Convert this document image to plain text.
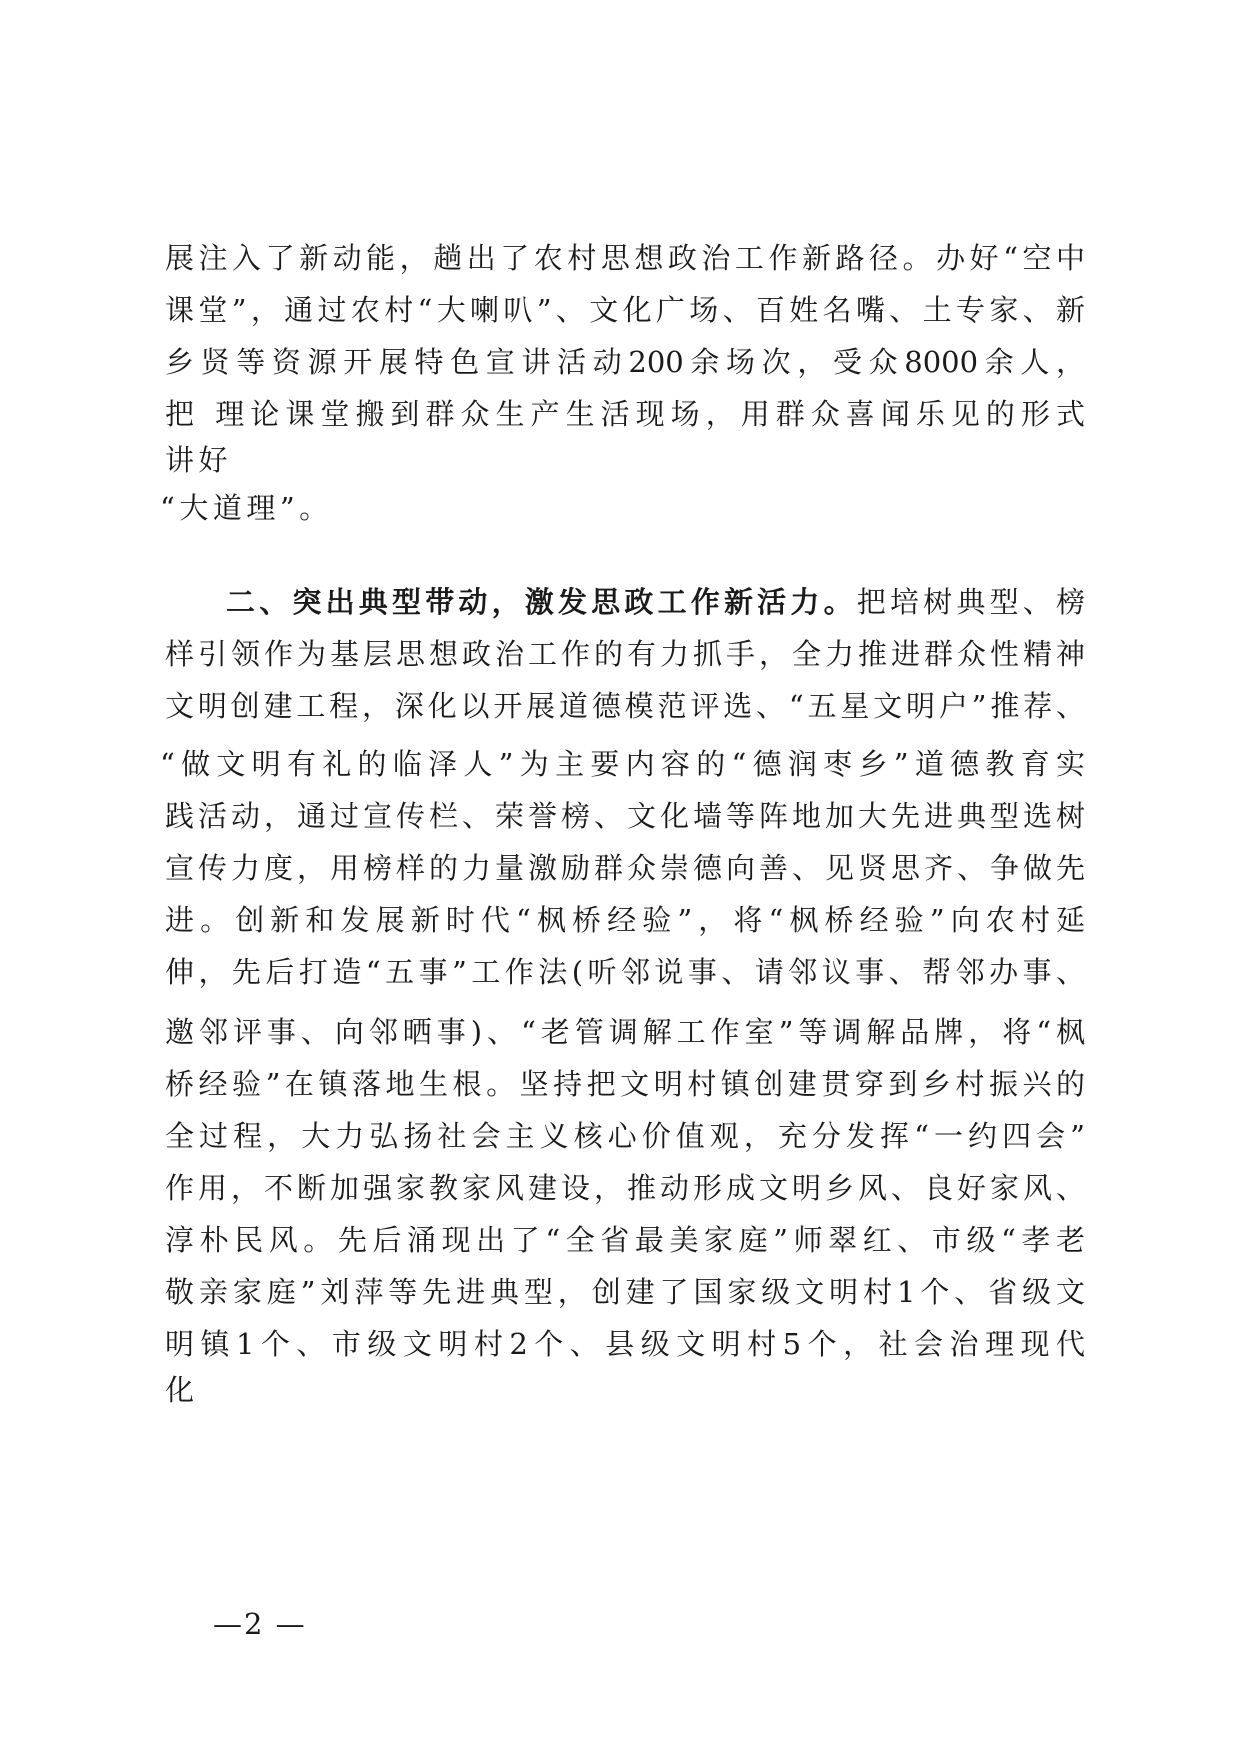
展注入了新动能，趟出了农村思想政治工作新路径。办好“空中
课堂”，通过农村“大喇叭”、文化广场、百姓名嘴、土专家、新
乡贤等资源开展特色宣讲活动200余场次，受众8000余人，
把 理论课堂搬到群众生产生活现场，用群众喜闻乐见的形式
讲好
“大道理”。
二、突出典型带动，激发思政工作新活力。把培树典型、榜
样引领作为基层思想政治工作的有力抓手，全力推进群众性精神
文明创建工程，深化以开展道德模范评选、“五星文明户”推荐、
“做文明有礼的临泽人”为主要内容的“德润枣乡”道德教育实
践活动，通过宣传栏、荣誉榜、文化墙等阵地加大先进典型选树
宣传力度，用榜样的力量激励群众崇德向善、见贤思齐、争做先
进。创新和发展新时代“枫桥经验”，将“枫桥经验”向农村延
伸，先后打造“五事”工作法(听邻说事、请邻议事、帮邻办事、
邀邻评事、向邻晒事)、“老管调解工作室”等调解品牌，将“枫
桥经验”在镇落地生根。坚持把文明村镇创建贯穿到乡村振兴的
全过程，大力弘扬社会主义核心价值观，充分发挥“一约四会”
作用，不断加强家教家风建设，推动形成文明乡风、良好家风、
淳朴民风。先后涌现出了“全省最美家庭”师翠红、市级“孝老
敬亲家庭”刘萍等先进典型，创建了国家级文明村1个、省级文
明镇1个、市级文明村2个、县级文明村5个，社会治理现代
化
—2 —
